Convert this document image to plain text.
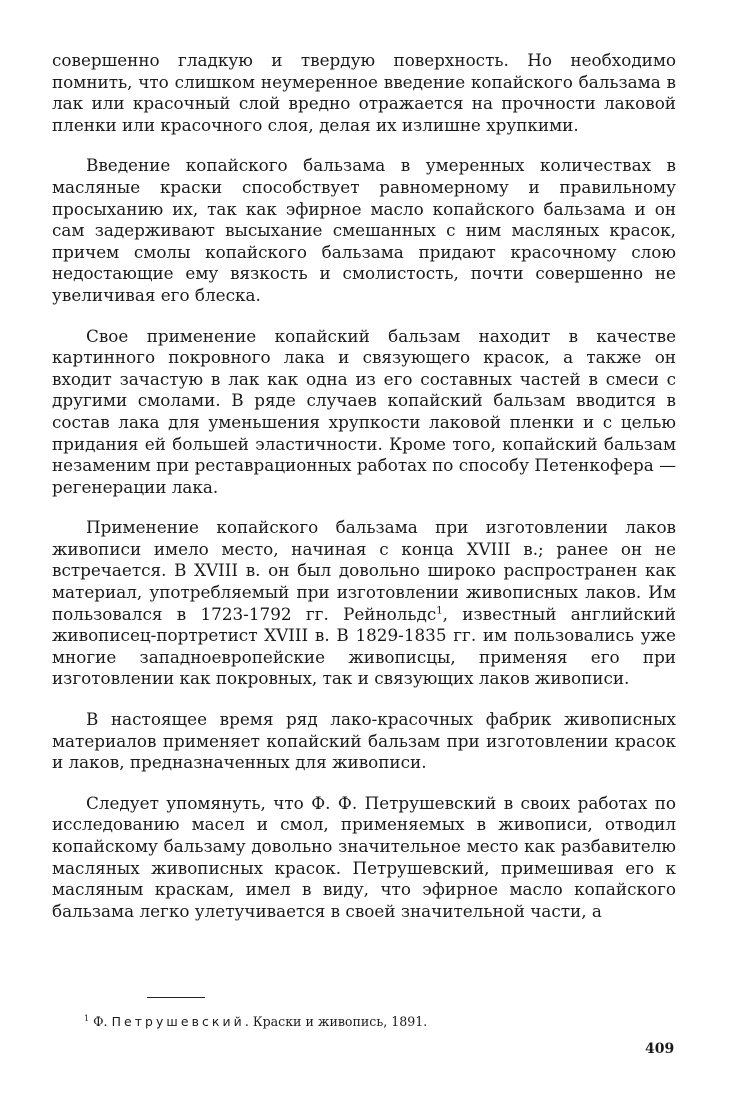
совершенно гладкую и твердую поверхность. Но необходимо помнить, что слишком неумеренное введение копайского бальзама в лак или красочный слой вредно отражается на прочности лаковой пленки или красочного слоя, делая их излишне хрупкими.

Введение копайского бальзама в умеренных количествах в масляные краски способствует равномерному и правильному просыханию их, так как эфирное масло копайского бальзама и он сам задерживают высыхание смешанных с ним масляных красок, причем смолы копайского бальзама придают красочному слою недостающие ему вязкость и смолистость, почти совершенно не увеличивая его блеска.

Свое применение копайский бальзам находит в качестве картинного покровного лака и связующего красок, а также он входит зачастую в лак как одна из его составных частей в смеси с другими смолами. В ряде случаев копайский бальзам вводится в состав лака для уменьшения хрупкости лаковой пленки и с целью придания ей большей эластичности. Кроме того, копайский бальзам незаменим при реставрационных работах по способу Петенкофера — регенерации лака.

Применение копайского бальзама при изготовлении лаков живописи имело место, начиная с конца XVIII в.; ранее он не встречается. В XVIII в. он был довольно широко распространен как материал, употребляемый при изготовлении живописных лаков. Им пользовался в 1723-1792 гг. Рейнольдс$^1$, известный английский живописец-портретист XVIII в. В 1829-1835 гг. им пользовались уже многие западноевропейские живописцы, применяя его при изготовлении как покровных, так и связующих лаков живописи.

В настоящее время ряд лако-красочных фабрик живописных материалов применяет копайский бальзам при изготовлении красок и лаков, предназначенных для живописи.

Следует упомянуть, что Ф. Ф. Петрушевский в своих работах по исследованию масел и смол, применяемых в живописи, отводил копайскому бальзаму довольно значительное место как разбавителю масляных живописных красок. Петрушевский, примешивая его к масляным краскам, имел в виду, что эфирное масло копайского бальзама легко улетучивается в своей значительной части, а

$^1$ Ф. Петрушевский. Краски и живопись, 1891.
409
